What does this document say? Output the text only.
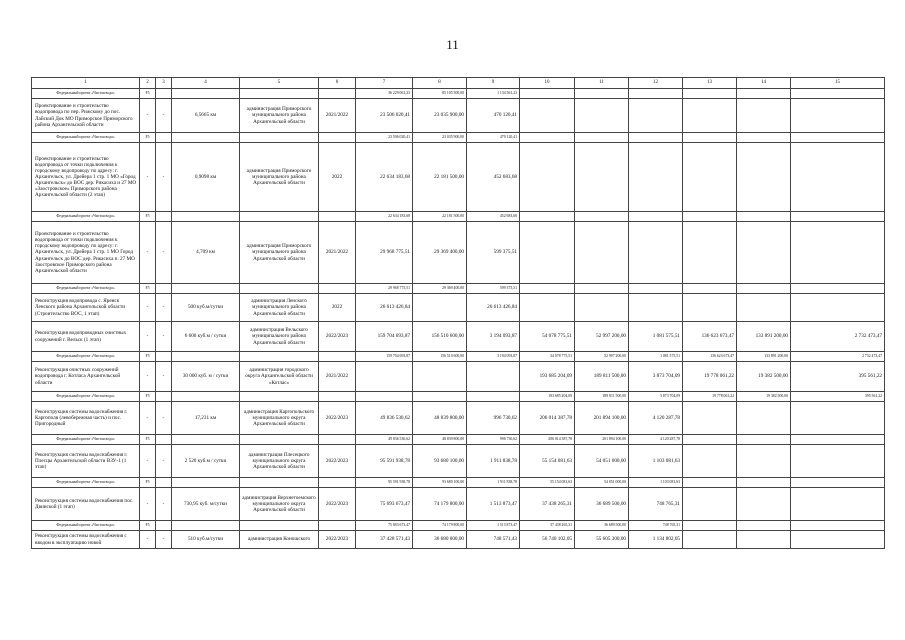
11
1	2	3	4	5	6	7	8	9	10	11	12	13	14	15
Федеральный проект «Чистая вода»	F5					36 229 061,23	85 105 500,00	1 134 561,23						
Проектирование и строительство водопровода по пер. Рижскому до пос. Лайский Док МО Приморское Приморского района Архангельской области	-	-	6,5665 км	администрация Приморского муниципального района Архангельской области	2021/2022	23 506 020,41	23 035 900,00	470 120,41						
Федеральный проект «Чистая вода»	F5					23 506 020,41	23 035 900,00	470 120,41						
Проектирование и строительство водопровода от точки подключения к городскому водопроводу по адресу: г. Архангельск, ул. Дрейера 1 стр. 1 МО «Город Архангельск» до ВОС дер. Рикасиха и 27 МО «Заостровское» Приморского района Архангельской области (2 этап)	-	-	0,9098 км	администрация Приморского муниципального района Архангельской области	2022	22 634 183,68	22 181 500,00	452 683,68						
Федеральный проект «Чистая вода»	F5					22 634 183,68	22 181 500,00	452 683,68						
Проектирование и строительство водопровода от точки подключения к городскому водопроводу по адресу: г. Архангельск, ул. Дрейера 1 стр. 1 МО Город Архангельск до ВОС дер. Рикасиха п. 27 МО Заостровское Приморского района Архангельской области	-	-	4,709 км	администрация Приморского муниципального района Архангельской области	2021/2022	29 968 775,51	29 369 400,00	599 375,51						
Федеральный проект «Чистая вода»	F5					29 968 775,51	29 369 400,00	599 375,51						
Реконструкция водопровода с. Яренск Ленского района Архангельской области (Строительство ВОС, 1 этап)	-	-	500 куб.м/сутки	администрация Ленского муниципального района Архангельской области	2022	26 613 426,84		26 613 426,84						
Реконструкция водопроводных очистных сооружений г. Вельск (1 этап)	-	-	6 600 куб.м / сутки	администрация Вельского муниципального района Архангельской области	2022/2023	159 704 693,87	156 510 600,00	3 194 093,87	54 078 775,51	52 997 200,00	1 081 575,51	136 623 673,47	133 891 200,00	2 732 473,47
Федеральный проект «Чистая вода»	F5					159 704 693,87	156 510 600,00	3 194 093,87	54 078 775,51	52 997 200,00	1 081 575,51	136 623 673,47	133 891 200,00	2 732 473,47
Реконструкция очистных сооружений водопровода г. Котласа Архангельской области	-	-	30 000 куб. м / сутки	администрация городского округа Архангельской области «Котлас»	2021/2022				193 685 204,09	189 811 500,00	3 873 704,09	19 778 061,22	19 382 500,00	395 561,22
Федеральный проект «Чистая вода»	F5								193 685 204,09	189 811 500,00	3 873 704,09	19 778 061,22	19 382 500,00	395 561,22
Реконструкция системы водоснабжения г. Каргополя (левобережная часть) и пос. Пригородный	-	-	17,231 км	администрация Каргопольского муниципального округа Архангельской области	2022/2023	49 836 530,62	48 839 800,00	996 730,62	206 014 387,78	201 894 100,00	4 120 287,78			
Федеральный проект «Чистая вода»	F5					49 836 530,62	48 839 800,00	996 730,62	206 014 387,78	201 894 100,00	4 120 287,78			
Реконструкция системы водоснабжения г. Плесцы Архангельской области ВЗУ-1 (1 этап)	-	-	2 520 куб.м / сутки	администрация Плесецкого муниципального округа Архангельской области	2022/2023	95 591 938,78	93 680 100,00	1 911 838,78	55 154 081,63	54 051 000,00	1 103 081,63			
Федеральный проект «Чистая вода»	F5					95 591 938,78	93 680 100,00	1 911 838,78	55 154 081,63	54 051 000,00	1 103 081,63			
Реконструкция системы водоснабжения пос. Двинской (1 этап)	-	-	730,95 куб. м/сутки	администрация Верхнетоемского муниципального округа Архангельской области	2022/2023	75 693 673,47	74 179 800,00	1 513 873,47	37 438 265,31	36 689 500,00	748 765,31			
Федеральный проект «Чистая вода»	F5					75 693 673,47	74 179 800,00	1 513 873,47	37 438 265,31	36 689 500,00	748 765,31			
Реконструкция системы водоснабжения с вводом в эксплуатацию новой	-	-	510 куб.м/сутки	администрация Коношского	2022/2023	37 428 571,43	36 680 000,00	748 571,43	56 740 102,05	55 605 300,00	1 134 802,05			
